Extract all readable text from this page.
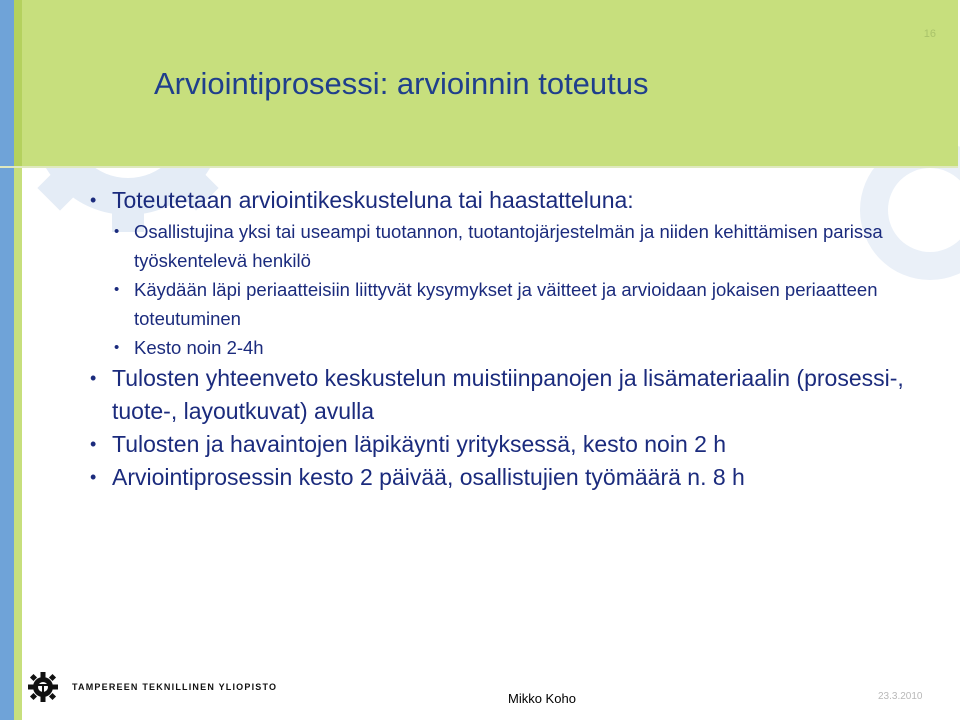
16
Arviointiprosessi: arvioinnin toteutus
• Toteutetaan arviointikeskusteluna tai haastatteluna:
• Osallistujina yksi tai useampi tuotannon, tuotantojärjestelmän ja niiden kehittämisen parissa työskentelevä henkilö
• Käydään läpi periaatteisiin liittyvät kysymykset ja väitteet ja arvioidaan jokaisen periaatteen toteutuminen
• Kesto noin 2-4h
• Tulosten yhteenveto keskustelun muistiinpanojen ja lisämateriaalin (prosessi-, tuote-, layoutkuvat) avulla
• Tulosten ja havaintojen läpikäynti yrityksessä, kesto noin 2 h
• Arviointiprosessin kesto 2 päivää, osallistujien työmäärä n. 8 h
TAMPEREEN TEKNILLINEN YLIOPISTO
Mikko Koho	23.3.2010
